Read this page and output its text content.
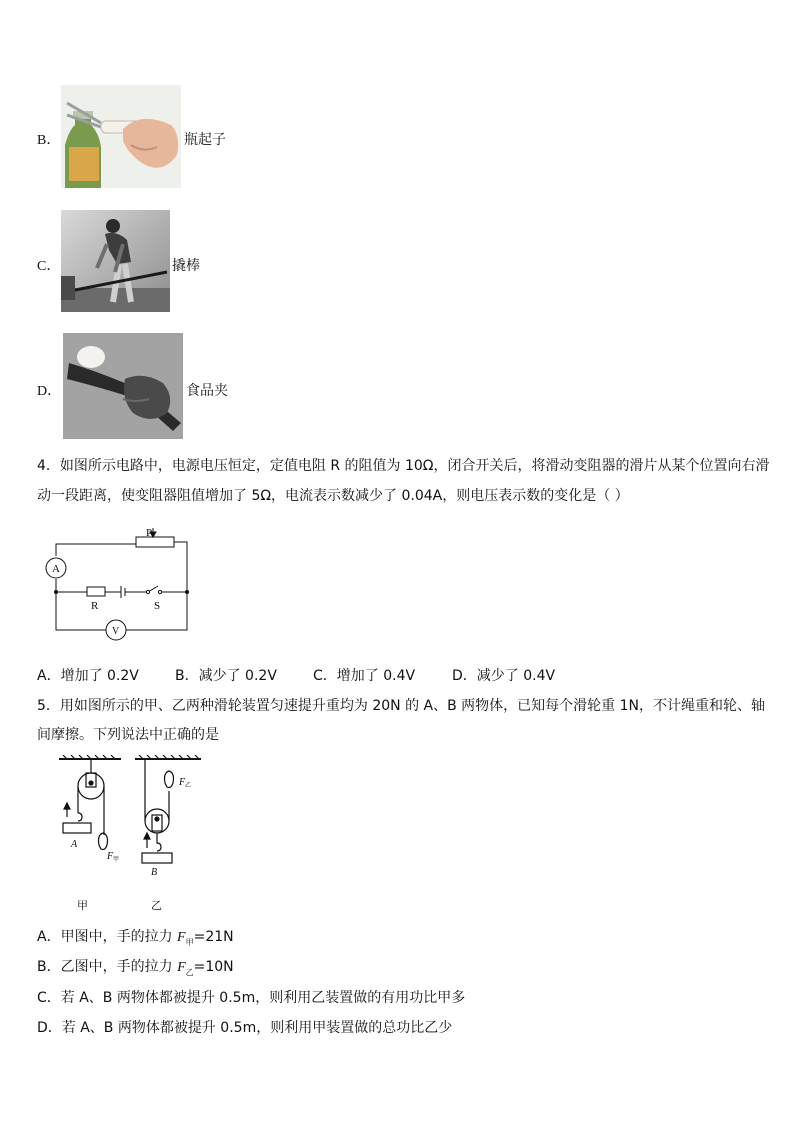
B．	瓶起子
C．	撬棒
D．	食品夹
4．如图所示电路中，电源电压恒定，定值电阻 R 的阻值为 10Ω，闭合开关后，将滑动变阻器的滑片从某个位置向右滑
动一段距离，使变阻器阻值增加了 5Ω，电流表示数减少了 0.04A，则电压表示数的变化是（ ）
P
A
R	S
V
A．增加了 0.2V	B．减少了 0.2V	C．增加了 0.4V	D．减少了 0.4V
5．用如图所示的甲、乙两种滑轮装置匀速提升重均为 20N 的 A、B 两物体，已知每个滑轮重 1N，不计绳重和轮、轴
间摩擦。下列说法中正确的是
A
B
F 甲
F 乙
甲	乙
A．甲图中，手的拉力 $F_甲=21N$
B．乙图中，手的拉力 $F_乙=10N$
C．若 A、B 两物体都被提升 0.5m，则利用乙装置做的有用功比甲多
D．若 A、B 两物体都被提升 0.5m，则利用甲装置做的总功比乙少
